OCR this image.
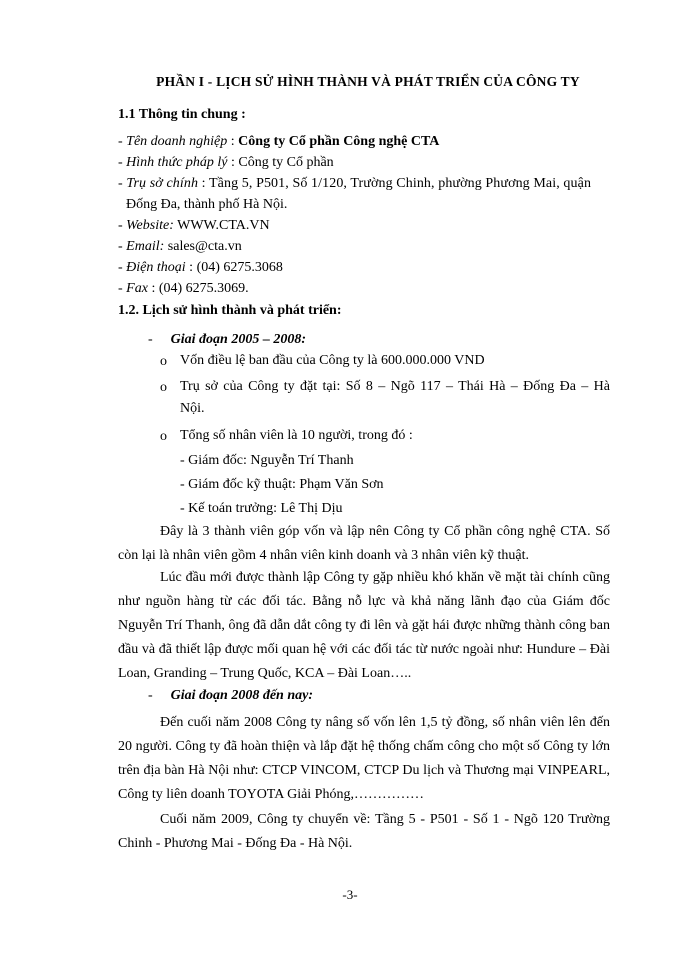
PHẦN I - LỊCH SỬ HÌNH THÀNH VÀ PHÁT TRIỂN CỦA CÔNG TY
1.1 Thông tin chung :
- Tên doanh nghiệp : Công ty Cổ phần Công nghệ CTA
- Hình thức pháp lý : Công ty Cổ phần
- Trụ sở chính : Tầng 5, P501, Số 1/120, Trường Chinh, phường Phương Mai, quận
Đống Đa, thành phố Hà Nội.
- Website: WWW.CTA.VN
- Email: sales@cta.vn
- Điện thoại : (04) 6275.3068
- Fax : (04) 6275.3069.
1.2. Lịch sử hình thành và phát triển:
- Giai đoạn 2005 – 2008:
o Vốn điều lệ ban đầu của Công ty là 600.000.000 VND
o Trụ sở của Công ty đặt tại: Số 8 – Ngõ 117 – Thái Hà – Đống Đa – Hà
Nội.
o Tổng số nhân viên là 10 người, trong đó :
- Giám đốc: Nguyễn Trí Thanh
- Giám đốc kỹ thuật: Phạm Văn Sơn
- Kế toán trưởng: Lê Thị Dịu
Đây là 3 thành viên góp vốn và lập nên Công ty Cổ phần công nghệ CTA. Số còn lại là nhân viên gồm 4 nhân viên kinh doanh và 3 nhân viên kỹ thuật.
Lúc đầu mới được thành lập Công ty gặp nhiều khó khăn về mặt tài chính cũng như nguồn hàng từ các đối tác. Bằng nỗ lực và khả năng lãnh đạo của Giám đốc Nguyễn Trí Thanh, ông đã dẫn dắt công ty đi lên và gặt hái được những thành công ban đầu và đã thiết lập được mối quan hệ với các đối tác từ nước ngoài như: Hundure – Đài Loan, Granding – Trung Quốc, KCA – Đài Loan…..
- Giai đoạn 2008 đến nay:
Đến cuối năm 2008 Công ty nâng số vốn lên 1,5 tỷ đồng, số nhân viên lên đến 20 người. Công ty đã hoàn thiện và lắp đặt hệ thống chấm công cho một số Công ty lớn trên địa bàn Hà Nội như: CTCP VINCOM, CTCP Du lịch và Thương mại VINPEARL, Công ty liên doanh TOYOTA Giải Phóng,……………
Cuối năm 2009, Công ty chuyển về: Tầng 5 - P501 - Số 1 - Ngõ 120 Trường Chinh - Phương Mai - Đống Đa - Hà Nội.
-3-
